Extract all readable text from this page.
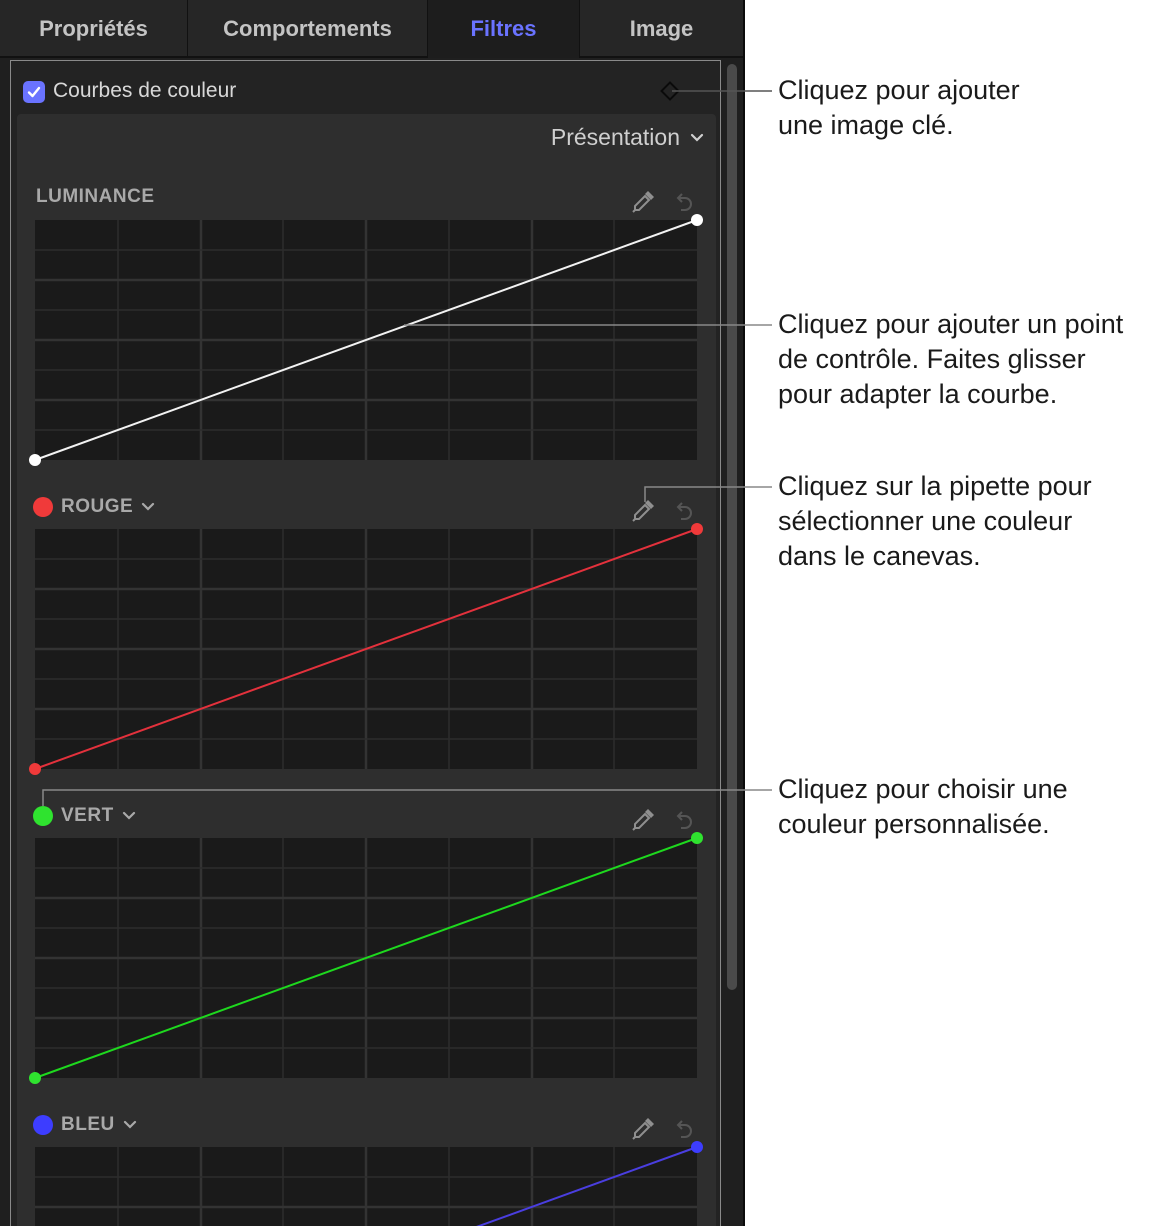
Propriétés	Comportements	Filtres	Image
Courbes de couleur
Présentation
LUMINANCE
ROUGE
VERT
BLEU
Cliquez pour ajouter
une image clé.
Cliquez pour ajouter un point
de contrôle. Faites glisser
pour adapter la courbe.
Cliquez sur la pipette pour
sélectionner une couleur
dans le canevas.
Cliquez pour choisir une
couleur personnalisée.
